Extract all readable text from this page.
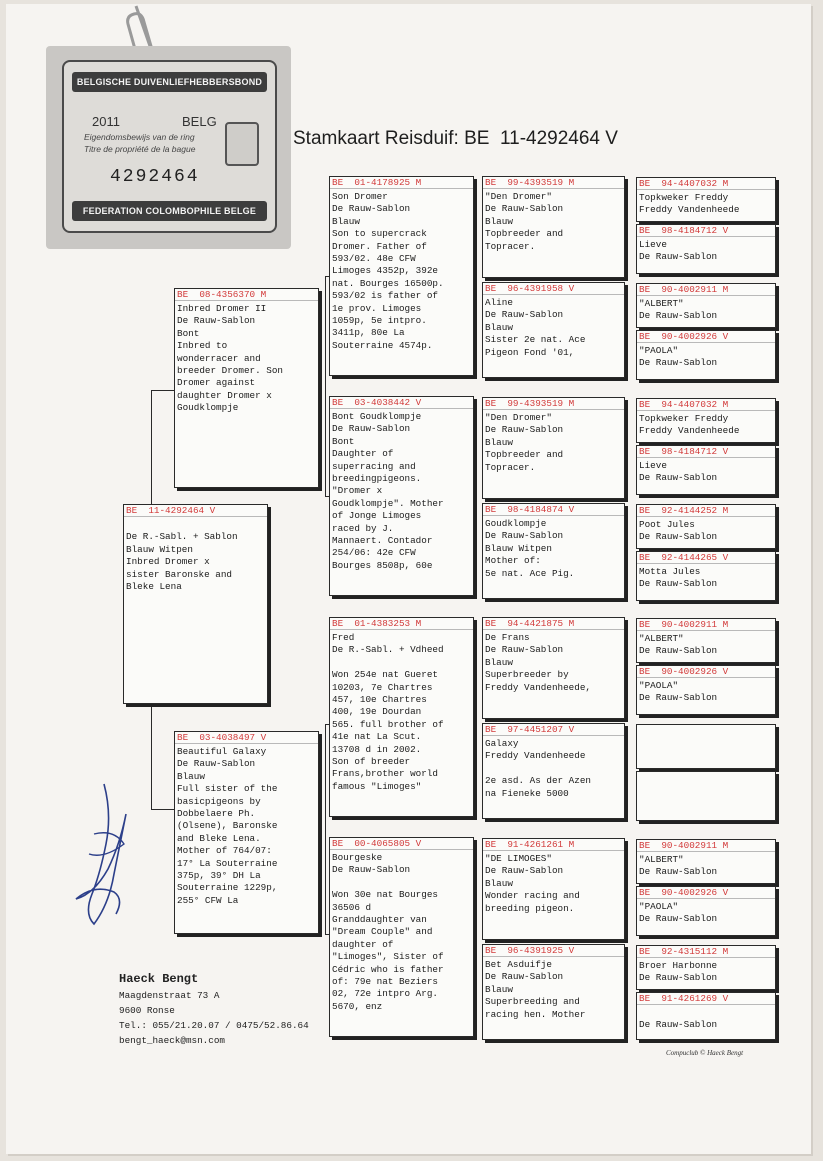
BELGISCHE DUIVENLIEFHEBBERSBOND
2011	BELG
Eigendomsbewijs van de ring
Titre de propriété de la bague
4292464
FEDERATION COLOMBOPHILE BELGE
Stamkaart Reisduif: BE  11-4292464 V
BE  11-4292464 V

De R.-Sabl. + Sablon
Blauw Witpen
Inbred Dromer x
sister Baronske and
Bleke Lena
BE  08-4356370 M
Inbred Dromer II
De Rauw-Sablon
Bont
Inbred to
wonderracer and
breeder Dromer. Son
Dromer against
daughter Dromer x
Goudklompje
BE  03-4038497 V
Beautiful Galaxy
De Rauw-Sablon
Blauw
Full sister of the
basicpigeons by
Dobbelaere Ph.
(Olsene), Baronske
and Bleke Lena.
Mother of 764/07:
17° La Souterraine
375p, 39° DH La
Souterraine 1229p,
255° CFW La
BE  01-4178925 M
Son Dromer
De Rauw-Sablon
Blauw
Son to supercrack
Dromer. Father of
593/02. 48e CFW
Limoges 4352p, 392e
nat. Bourges 16500p.
593/02 is father of
1e prov. Limoges
1059p, 5e intpro.
3411p, 80e La
Souterraine 4574p.
BE  03-4038442 V
Bont Goudklompje
De Rauw-Sablon
Bont
Daughter of
superracing and
breedingpigeons.
"Dromer x
Goudklompje". Mother
of Jonge Limoges
raced by J.
Mannaert. Contador
254/06: 42e CFW
Bourges 8508p, 60e
BE  01-4383253 M
Fred
De R.-Sabl. + Vdheed

Won 254e nat Gueret
10203, 7e Chartres
457, 10e Chartres
400, 19e Dourdan
565. full brother of
41e nat La Scut.
13708 d in 2002.
Son of breeder
Frans,brother world
famous "Limoges"
BE  00-4065805 V
Bourgeske
De Rauw-Sablon

Won 30e nat Bourges
36506 d
Granddaughter van
"Dream Couple" and
daughter of
"Limoges", Sister of
Cédric who is father
of: 79e nat Beziers
02, 72e intpro Arg.
5670, enz
BE  99-4393519 M
"Den Dromer"
De Rauw-Sablon
Blauw
Topbreeder and
Topracer.
BE  96-4391958 V
Aline
De Rauw-Sablon
Blauw
Sister 2e nat. Ace
Pigeon Fond '01,
BE  99-4393519 M
"Den Dromer"
De Rauw-Sablon
Blauw
Topbreeder and
Topracer.
BE  98-4184874 V
Goudklompje
De Rauw-Sablon
Blauw Witpen
Mother of:
5e nat. Ace Pig.
BE  94-4421875 M
De Frans
De Rauw-Sablon
Blauw
Superbreeder by
Freddy Vandenheede,
BE  97-4451207 V
Galaxy
Freddy Vandenheede

2e asd. As der Azen
na Fieneke 5000
BE  91-4261261 M
"DE LIMOGES"
De Rauw-Sablon
Blauw
Wonder racing and
breeding pigeon.
BE  96-4391925 V
Bet Asduifje
De Rauw-Sablon
Blauw
Superbreeding and
racing hen. Mother
BE  94-4407032 M
Topkweker Freddy
Freddy Vandenheede
BE  98-4184712 V
Lieve
De Rauw-Sablon
BE  90-4002911 M
"ALBERT"
De Rauw-Sablon
BE  90-4002926 V
"PAOLA"
De Rauw-Sablon
BE  94-4407032 M
Topkweker Freddy
Freddy Vandenheede
BE  98-4184712 V
Lieve
De Rauw-Sablon
BE  92-4144252 M
Poot Jules
De Rauw-Sablon
BE  92-4144265 V
Motta Jules
De Rauw-Sablon
BE  90-4002911 M
"ALBERT"
De Rauw-Sablon
BE  90-4002926 V
"PAOLA"
De Rauw-Sablon
BE  90-4002911 M
"ALBERT"
De Rauw-Sablon
BE  90-4002926 V
"PAOLA"
De Rauw-Sablon
BE  92-4315112 M
Broer Harbonne
De Rauw-Sablon
BE  91-4261269 V

De Rauw-Sablon
Haeck Bengt
Maagdenstraat 73 A
9600 Ronse
Tel.: 055/21.20.07 / 0475/52.86.64
bengt_haeck@msn.com
Compuclub © Haeck Bengt
